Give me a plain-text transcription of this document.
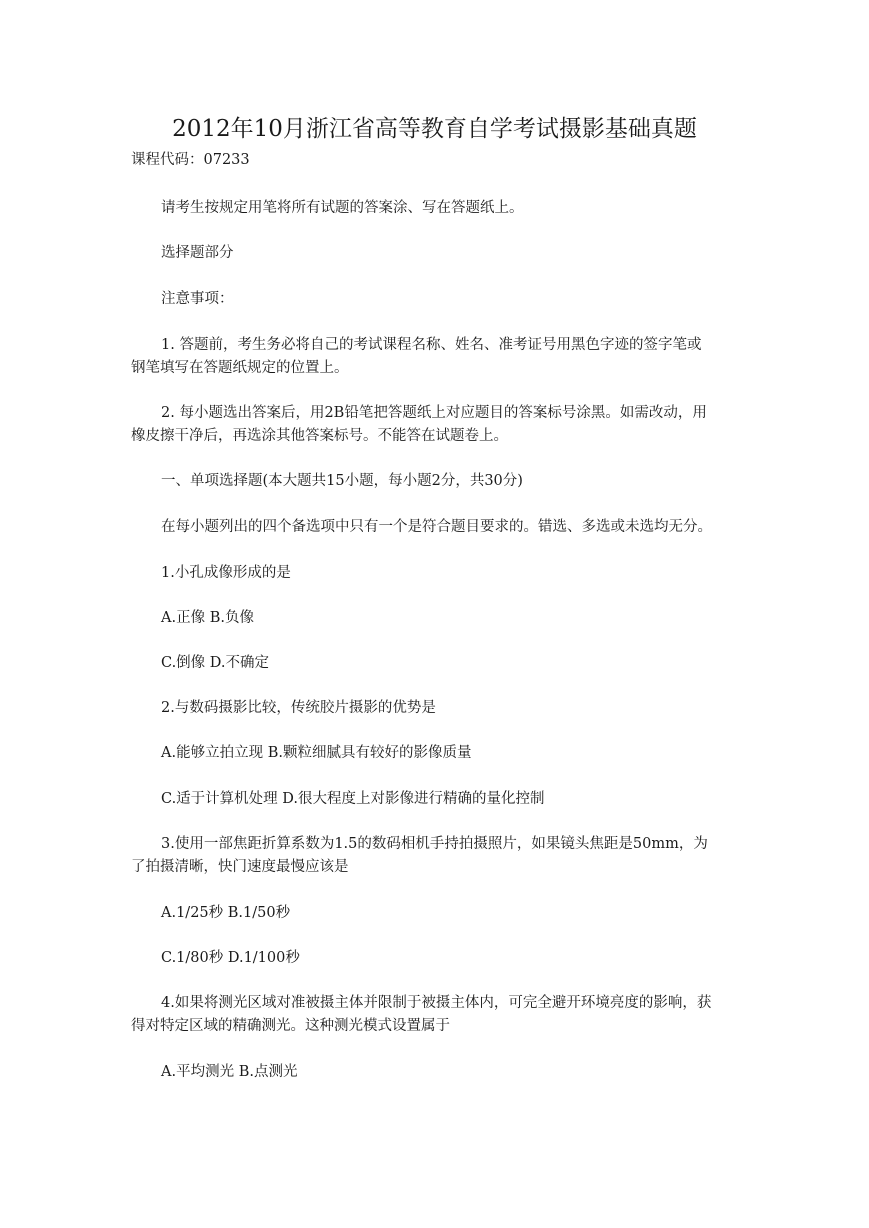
2012年10月浙江省高等教育自学考试摄影基础真题
课程代码：07233
请考生按规定用笔将所有试题的答案涂、写在答题纸上。
选择题部分
注意事项：
1. 答题前，考生务必将自己的考试课程名称、姓名、准考证号用黑色字迹的签字笔或
钢笔填写在答题纸规定的位置上。
2. 每小题选出答案后，用2B铅笔把答题纸上对应题目的答案标号涂黑。如需改动，用
橡皮擦干净后，再选涂其他答案标号。不能答在试题卷上。
一、单项选择题(本大题共15小题，每小题2分，共30分)
在每小题列出的四个备选项中只有一个是符合题目要求的。错选、多选或未选均无分。
1.小孔成像形成的是
A.正像 B.负像
C.倒像 D.不确定
2.与数码摄影比较，传统胶片摄影的优势是
A.能够立拍立现 B.颗粒细腻具有较好的影像质量
C.适于计算机处理 D.很大程度上对影像进行精确的量化控制
3.使用一部焦距折算系数为1.5的数码相机手持拍摄照片，如果镜头焦距是50mm，为
了拍摄清晰，快门速度最慢应该是
A.1/25秒 B.1/50秒
C.1/80秒 D.1/100秒
4.如果将测光区域对准被摄主体并限制于被摄主体内，可完全避开环境亮度的影响，获
得对特定区域的精确测光。这种测光模式设置属于
A.平均测光 B.点测光
